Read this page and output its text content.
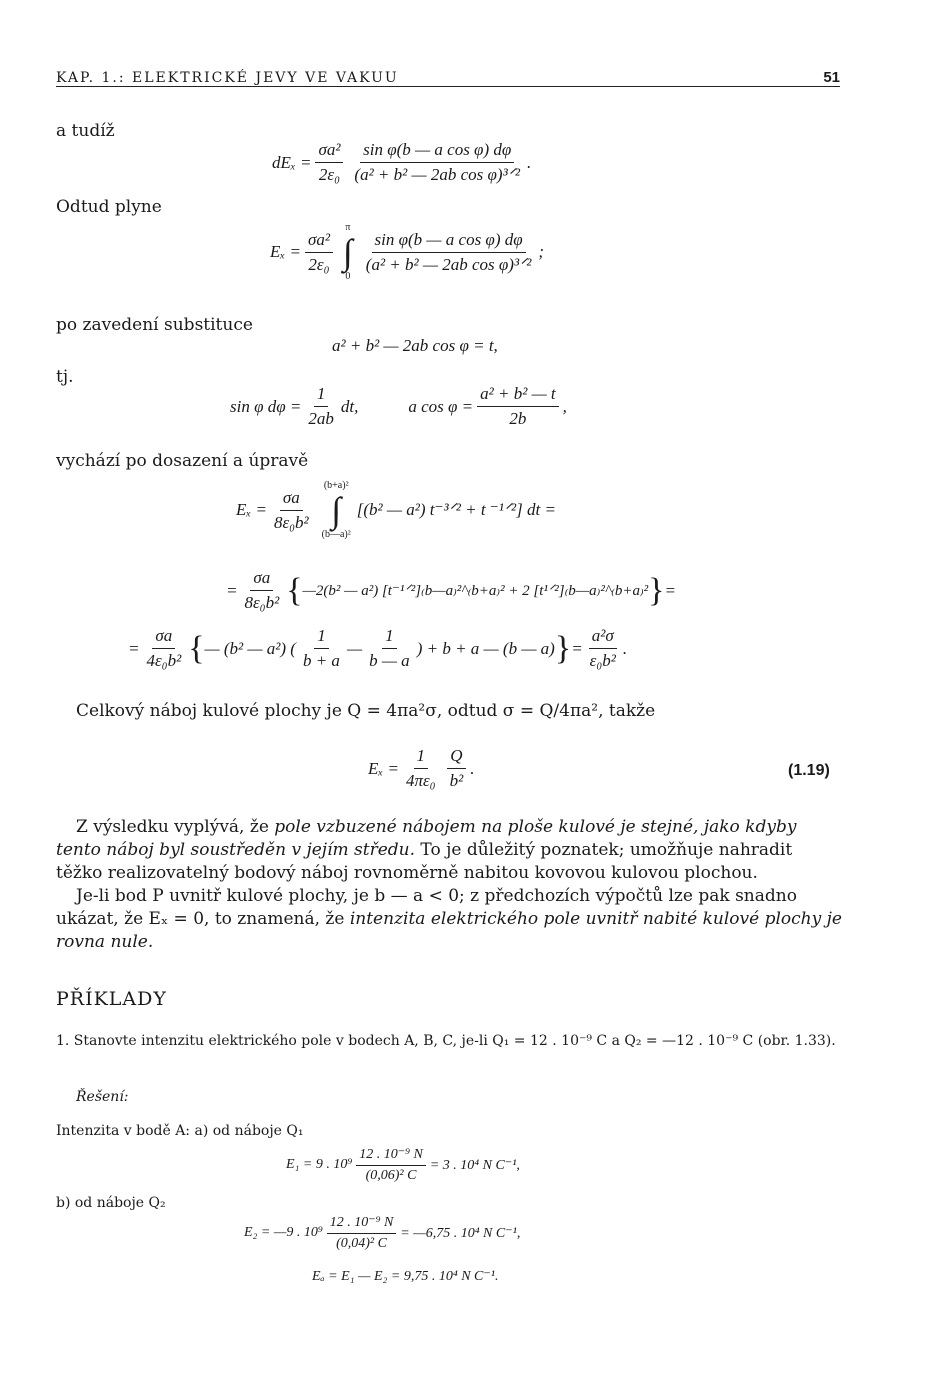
KAP. 1.: ELEKTRICKÉ JEVY VE VAKUU	51
a tudíž
$dE_x = \frac{\text{σa²}}{\text{2ε₀}} \frac{\text{sin φ(b — a cos φ) dφ}}{\text{(a² + b² — 2ab cos φ)³ᐟ²}}$ .
Odtud plyne
$E_x = \frac{\text{σa²}}{\text{2ε₀}}$
π
∫
0
$\frac{\text{sin φ(b — a cos φ) dφ}}{\text{(a² + b² — 2ab cos φ)³ᐟ²}}$ ;
po zavedení substituce
a² + b² — 2ab cos φ = t,
tj.
sin φ $d\varphi = \frac{1}{2ab}$ dt,	a $\cos \varphi = \frac{\text{a² + b² — t}}{2b}$ ,
vychází po dosazení a úpravě
$E_x = \frac{\sigma a}{\text{8ε₀b²}}$
(b+a)²
∫
(b—a)²
[(b² — a²) t⁻³ᐟ² + t ⁻¹ᐟ²] dt =
= $\frac{\sigma a}{\text{8ε₀b²}}$ { —2(b² — a²) [t⁻¹ᐟ²]₍b—a₎²^₍b+a₎² + 2 [t¹ᐟ²]₍b—a₎²^₍b+a₎² } =
= $\frac{\sigma a}{\text{4ε₀b²}}$ { — (b² — a²) ( $\frac{1}{b + a}$ — $\frac{1}{b — a}$ ) + b + a — (b — a) } = $\frac{\text{a²σ}}{\text{ε₀b²}}$ .
Celkový náboj kulové plochy je Q = 4πa²σ, odtud σ = Q/4πa², takže
$E_x = \frac{1}{\text{4πε₀}} \frac{Q}{\text{b²}}$ .	(1.19)

Z výsledku vyplývá, že pole vzbuzené nábojem na ploše kulové je stejné, jako kdyby tento náboj byl soustředěn v jejím středu. To je důležitý poznatek; umožňuje nahradit těžko realizovatelný bodový náboj rovnoměrně nabitou kovovou kulovou plochou.

Je-li bod P uvnitř kulové plochy, je b — a < 0; z předchozích výpočtů lze pak snadno ukázat, že Eₓ = 0, to znamená, že intenzita elektrického pole uvnitř nabité kulové plochy je rovna nule.

PŘÍKLADY

1. Stanovte intenzitu elektrického pole v bodech A, B, C, je-li Q₁ = 12 . 10⁻⁹ C a Q₂ = —12 . 10⁻⁹ C (obr. 1.33).

Řešení:
Intenzita v bodě A: a) od náboje Q₁
E₁ = 9 . $10^9 \frac{\text{12 . 10⁻⁹ N}}{\text{(0,06)² C}} = 3$ . 10⁴ N C⁻¹,
b) od náboje Q₂
E₂ = —9 . $10^9 \frac{\text{12 . 10⁻⁹ N}}{\text{(0,04)² C}}$ = —6,75 . 10⁴ N C⁻¹,
Eₐ = E₁ — E₂ = 9,75 . 10⁴ N C⁻¹.
